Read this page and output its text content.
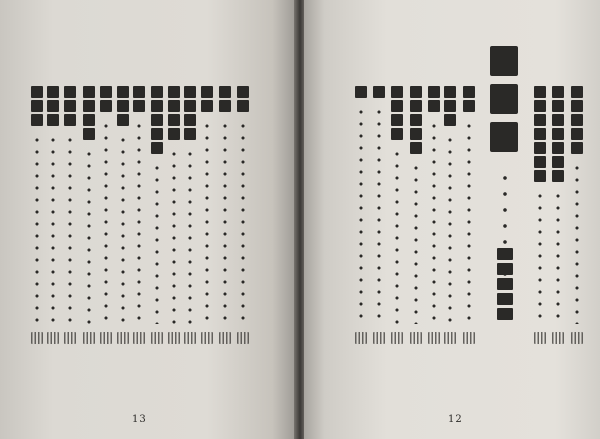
13	12
